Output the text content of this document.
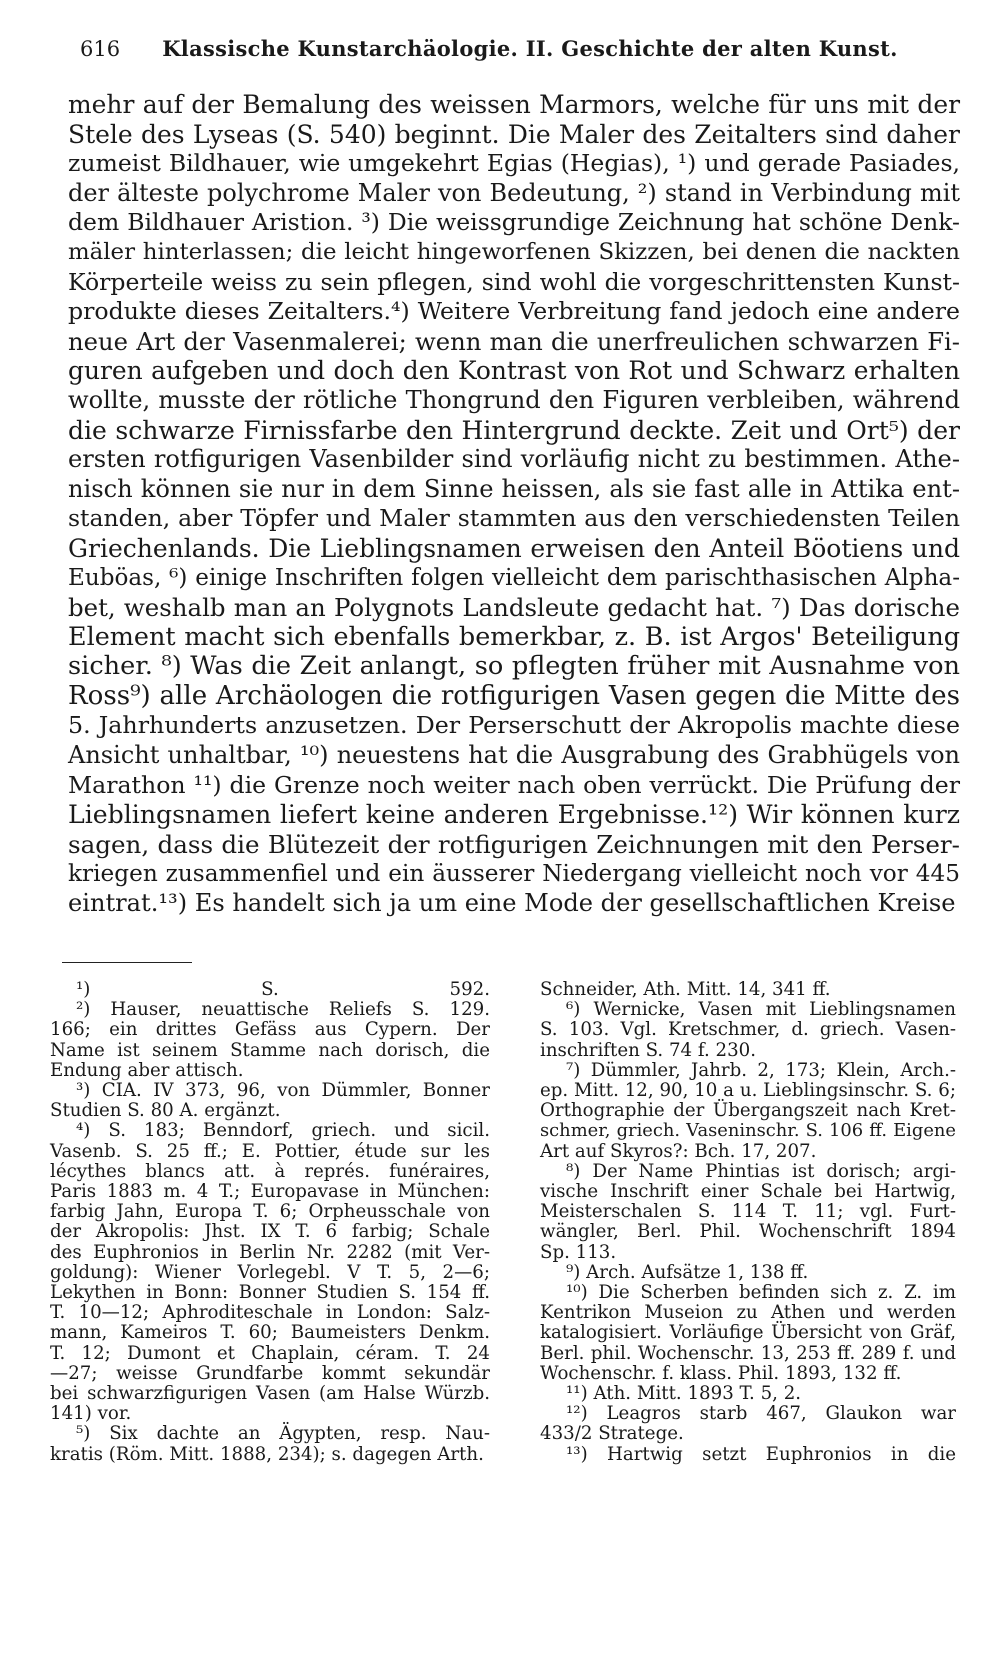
616	Klassische Kunstarchäologie. II. Geschichte der alten Kunst.
mehr auf der Bemalung des weissen Marmors, welche für uns mit der
Stele des Lyseas (S. 540) beginnt. Die Maler des Zeitalters sind daher
zumeist Bildhauer, wie umgekehrt Egias (Hegias), ¹) und gerade Pasiades,
der älteste polychrome Maler von Bedeutung, ²) stand in Verbindung mit
dem Bildhauer Aristion. ³) Die weissgrundige Zeichnung hat schöne Denk-
mäler hinterlassen; die leicht hingeworfenen Skizzen, bei denen die nackten
Körperteile weiss zu sein pflegen, sind wohl die vorgeschrittensten Kunst-
produkte dieses Zeitalters.⁴) Weitere Verbreitung fand jedoch eine andere
neue Art der Vasenmalerei; wenn man die unerfreulichen schwarzen Fi-
guren aufgeben und doch den Kontrast von Rot und Schwarz erhalten
wollte, musste der rötliche Thongrund den Figuren verbleiben, während
die schwarze Firnissfarbe den Hintergrund deckte. Zeit und Ort⁵) der
ersten rotfigurigen Vasenbilder sind vorläufig nicht zu bestimmen. Athe-
nisch können sie nur in dem Sinne heissen, als sie fast alle in Attika ent-
standen, aber Töpfer und Maler stammten aus den verschiedensten Teilen
Griechenlands. Die Lieblingsnamen erweisen den Anteil Böotiens und
Euböas, ⁶) einige Inschriften folgen vielleicht dem parischthasischen Alpha-
bet, weshalb man an Polygnots Landsleute gedacht hat. ⁷) Das dorische
Element macht sich ebenfalls bemerkbar, z. B. ist Argos' Beteiligung
sicher. ⁸) Was die Zeit anlangt, so pflegten früher mit Ausnahme von
Ross⁹) alle Archäologen die rotfigurigen Vasen gegen die Mitte des
5. Jahrhunderts anzusetzen. Der Perserschutt der Akropolis machte diese
Ansicht unhaltbar, ¹⁰) neuestens hat die Ausgrabung des Grabhügels von
Marathon ¹¹) die Grenze noch weiter nach oben verrückt. Die Prüfung der
Lieblingsnamen liefert keine anderen Ergebnisse.¹²) Wir können kurz
sagen, dass die Blütezeit der rotfigurigen Zeichnungen mit den Perser-
kriegen zusammenfiel und ein äusserer Niedergang vielleicht noch vor 445
eintrat.¹³) Es handelt sich ja um eine Mode der gesellschaftlichen Kreise
¹) S. 592.
²) Hauser, neuattische Reliefs S. 129.
166; ein drittes Gefäss aus Cypern. Der
Name ist seinem Stamme nach dorisch, die
Endung aber attisch.
³) CIA. IV 373, 96, von Dümmler, Bonner
Studien S. 80 A. ergänzt.
⁴) S. 183; Benndorf, griech. und sicil.
Vasenb. S. 25 ff.; E. Pottier, étude sur les
lécythes blancs att. à représ. funéraires,
Paris 1883 m. 4 T.; Europavase in München:
farbig Jahn, Europa T. 6; Orpheusschale von
der Akropolis: Jhst. IX T. 6 farbig; Schale
des Euphronios in Berlin Nr. 2282 (mit Ver-
goldung): Wiener Vorlegebl. V T. 5, 2—6;
Lekythen in Bonn: Bonner Studien S. 154 ff.
T. 10—12; Aphroditeschale in London: Salz-
mann, Kameiros T. 60; Baumeisters Denkm.
T. 12; Dumont et Chaplain, céram. T. 24
—27; weisse Grundfarbe kommt sekundär
bei schwarzfigurigen Vasen (am Halse Würzb.
141) vor.
⁵) Six dachte an Ägypten, resp. Nau-
kratis (Röm. Mitt. 1888, 234); s. dagegen Arth.
Schneider, Ath. Mitt. 14, 341 ff.
⁶) Wernicke, Vasen mit Lieblingsnamen
S. 103. Vgl. Kretschmer, d. griech. Vasen-
inschriften S. 74 f. 230.
⁷) Dümmler, Jahrb. 2, 173; Klein, Arch.-
ep. Mitt. 12, 90, 10 a u. Lieblingsinschr. S. 6;
Orthographie der Übergangszeit nach Kret-
schmer, griech. Vaseninschr. S. 106 ff. Eigene
Art auf Skyros?: Bch. 17, 207.
⁸) Der Name Phintias ist dorisch; argi-
vische Inschrift einer Schale bei Hartwig,
Meisterschalen S. 114 T. 11; vgl. Furt-
wängler, Berl. Phil. Wochenschrift 1894
Sp. 113.
⁹) Arch. Aufsätze 1, 138 ff.
¹⁰) Die Scherben befinden sich z. Z. im
Kentrikon Museion zu Athen und werden
katalogisiert. Vorläufige Übersicht von Gräf,
Berl. phil. Wochenschr. 13, 253 ff. 289 f. und
Wochenschr. f. klass. Phil. 1893, 132 ff.
¹¹) Ath. Mitt. 1893 T. 5, 2.
¹²) Leagros starb 467, Glaukon war
433/2 Stratege.
¹³) Hartwig setzt Euphronios in die
